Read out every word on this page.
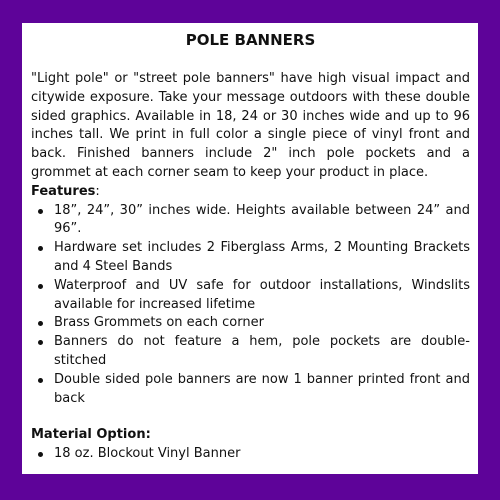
POLE BANNERS

"Light pole" or "street pole banners" have high visual impact and citywide exposure. Take your message outdoors with these double sided graphics. Available in 18, 24 or 30 inches wide and up to 96 inches tall. We print in full color a single piece of vinyl front and back. Finished banners include 2" inch pole pockets and a grommet at each corner seam to keep your product in place.

Features:

18”, 24”, 30” inches wide. Heights available between 24” and 96”.
Hardware set includes 2 Fiberglass Arms, 2 Mounting Brackets and 4 Steel Bands
Waterproof and UV safe for outdoor installations, Windslits available for increased lifetime
Brass Grommets on each corner
Banners do not feature a hem, pole pockets are double-stitched
Double sided pole banners are now 1 banner printed front and back

Material Option:

18 oz. Blockout Vinyl Banner
